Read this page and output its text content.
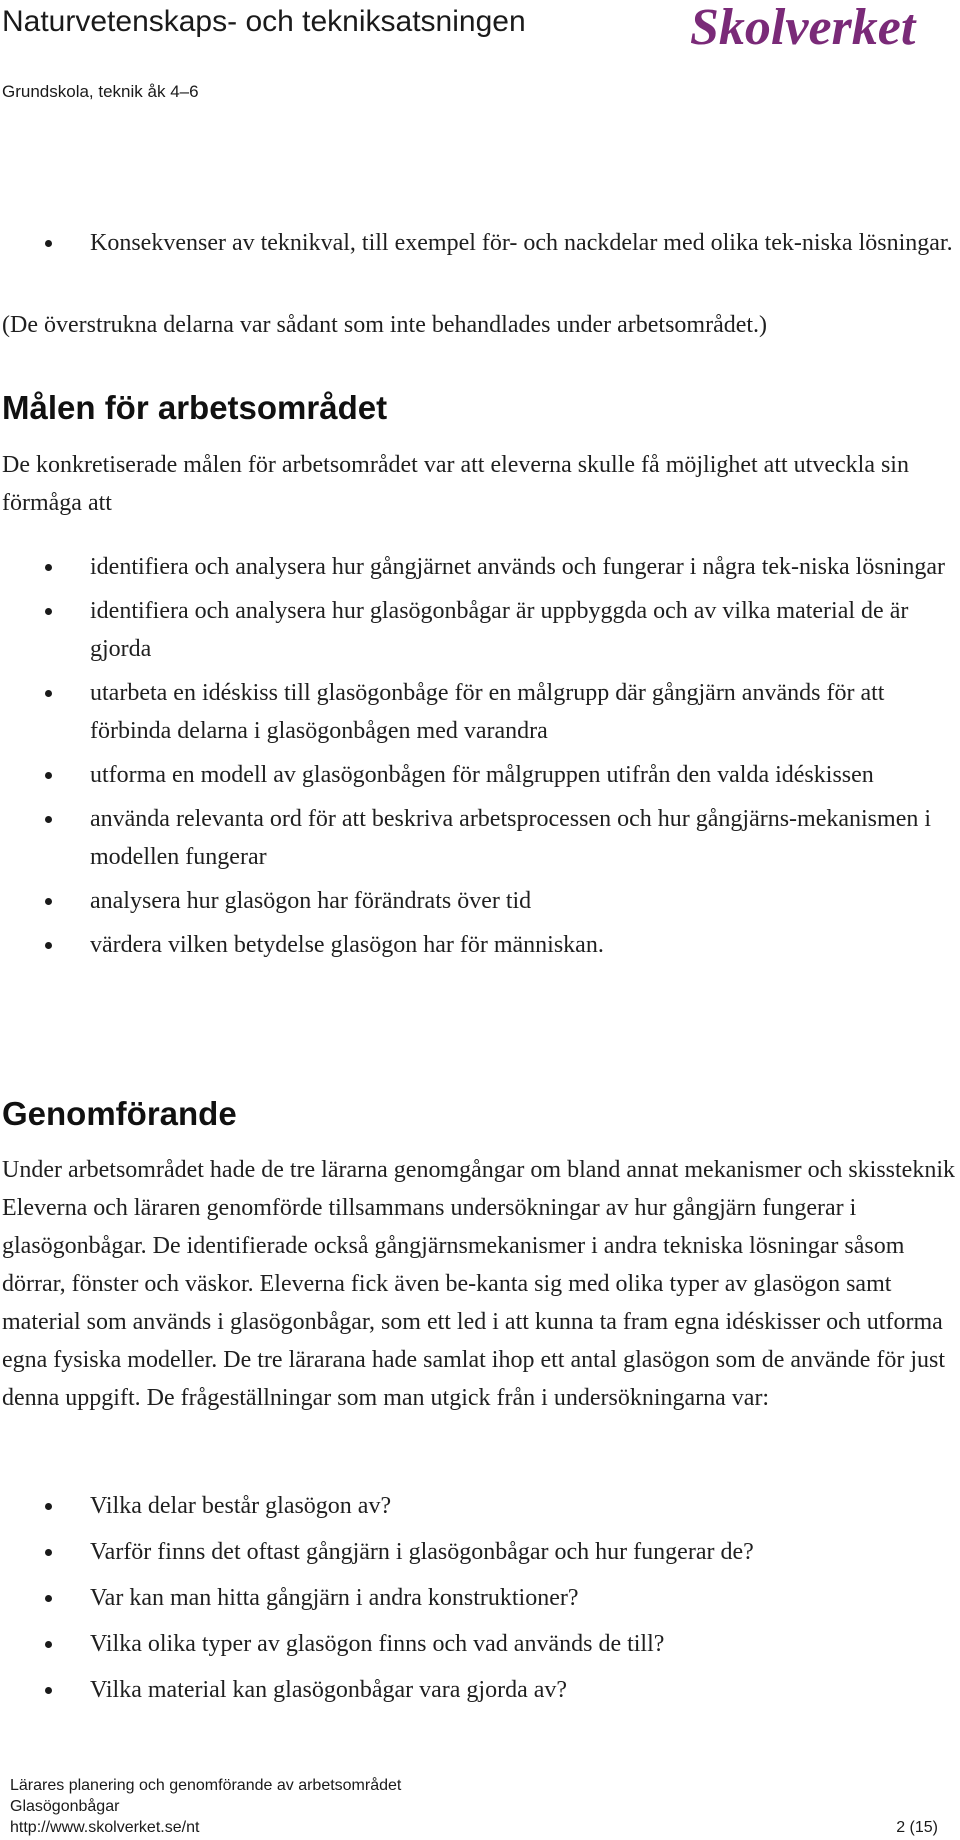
Naturvetenskaps- och tekniksatsningen
Grundskola, teknik åk 4–6
Skolverket
Konsekvenser av teknikval, till exempel för- och nackdelar med olika tek-niska lösningar.
(De överstrukna delarna var sådant som inte behandlades under arbetsområdet.)
Målen för arbetsområdet
De konkretiserade målen för arbetsområdet var att eleverna skulle få möjlighet att utveckla sin förmåga att
identifiera och analysera hur gångjärnet används och fungerar i några tek-niska lösningar
identifiera och analysera hur glasögonbågar är uppbyggda och av vilka material de är gjorda
utarbeta en idéskiss till glasögonbåge för en målgrupp där gångjärn används för att förbinda delarna i glasögonbågen med varandra
utforma en modell av glasögonbågen för målgruppen utifrån den valda idéskissen
använda relevanta ord för att beskriva arbetsprocessen och hur gångjärns-mekanismen i modellen fungerar
analysera hur glasögon har förändrats över tid
värdera vilken betydelse glasögon har för människan.
Genomförande
Under arbetsområdet hade de tre lärarna genomgångar om bland annat mekanismer och skissteknik Eleverna och läraren genomförde tillsammans undersökningar av hur gångjärn fungerar i glasögonbågar. De identifierade också gångjärnsmekanismer i andra tekniska lösningar såsom dörrar, fönster och väskor. Eleverna fick även be-kanta sig med olika typer av glasögon samt material som används i glasögonbågar, som ett led i att kunna ta fram egna idéskisser och utforma egna fysiska modeller. De tre lärarana hade samlat ihop ett antal glasögon som de använde för just denna uppgift. De frågeställningar som man utgick från i undersökningarna var:
Vilka delar består glasögon av?
Varför finns det oftast gångjärn i glasögonbågar och hur fungerar de?
Var kan man hitta gångjärn i andra konstruktioner?
Vilka olika typer av glasögon finns och vad används de till?
Vilka material kan glasögonbågar vara gjorda av?
Lärares planering och genomförande av arbetsområdet
Glasögonbågar
http://www.skolverket.se/nt	2 (15)
